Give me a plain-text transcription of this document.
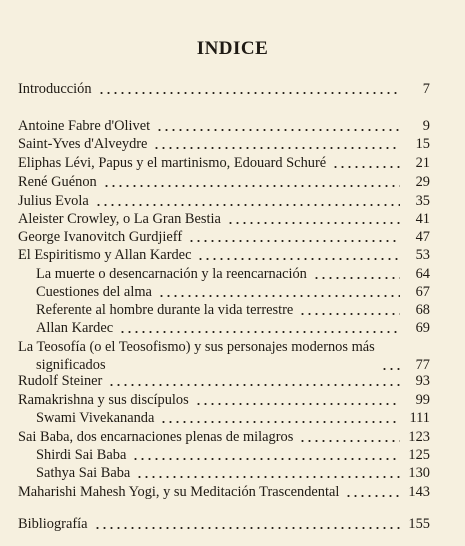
INDICE
Introducción	7
Antoine Fabre d'Olivet	9
Saint-Yves d'Alveydre	15
Eliphas Lévi, Papus y el martinismo, Edouard Schuré	21
René Guénon	29
Julius Evola	35
Aleister Crowley, o La Gran Bestia	41
George Ivanovitch Gurdjieff	47
El Espiritismo y Allan Kardec	53
La muerte o desencarnación y la reencarnación	64
Cuestiones del alma	67
Referente al hombre durante la vida terrestre	68
Allan Kardec	69
La Teosofía (o el Teosofismo) y sus personajes modernos más
significados	77
Rudolf Steiner	93
Ramakrishna y sus discípulos	99
Swami Vivekananda	111
Sai Baba, dos encarnaciones plenas de milagros	123
Shirdi Sai Baba	125
Sathya Sai Baba	130
Maharishi Mahesh Yogi, y su Meditación Trascendental	143
Bibliografía	155
